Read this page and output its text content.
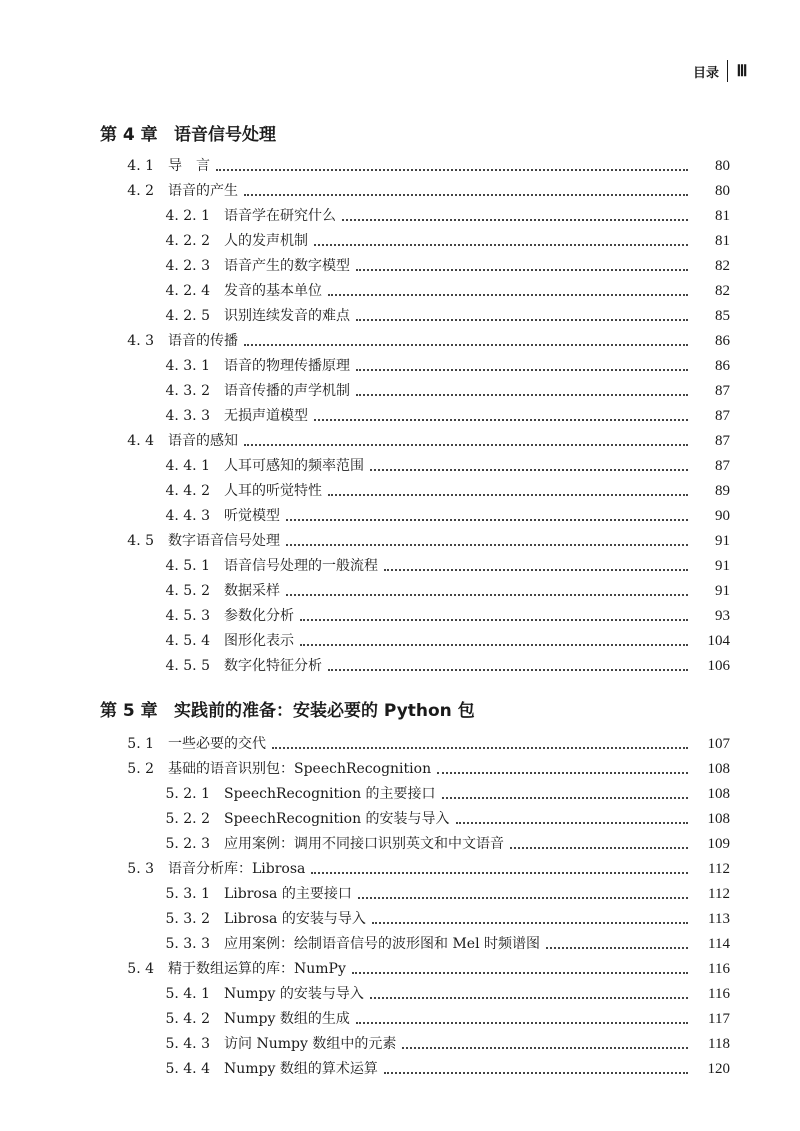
目录 Ⅲ
第 4 章 语音信号处理
4. 1 导　言	80
4. 2 语音的产生	80
4. 2. 1 语音学在研究什么	81
4. 2. 2 人的发声机制	81
4. 2. 3 语音产生的数字模型	82
4. 2. 4 发音的基本单位	82
4. 2. 5 识别连续发音的难点	85
4. 3 语音的传播	86
4. 3. 1 语音的物理传播原理	86
4. 3. 2 语音传播的声学机制	87
4. 3. 3 无损声道模型	87
4. 4 语音的感知	87
4. 4. 1 人耳可感知的频率范围	87
4. 4. 2 人耳的听觉特性	89
4. 4. 3 听觉模型	90
4. 5 数字语音信号处理	91
4. 5. 1 语音信号处理的一般流程	91
4. 5. 2 数据采样	91
4. 5. 3 参数化分析	93
4. 5. 4 图形化表示	104
4. 5. 5 数字化特征分析	106
第 5 章 实践前的准备：安装必要的 Python 包
5. 1 一些必要的交代	107
5. 2 基础的语音识别包：SpeechRecognition	108
5. 2. 1 SpeechRecognition 的主要接口	108
5. 2. 2 SpeechRecognition 的安装与导入	108
5. 2. 3 应用案例：调用不同接口识别英文和中文语音	109
5. 3 语音分析库：Librosa	112
5. 3. 1 Librosa 的主要接口	112
5. 3. 2 Librosa 的安装与导入	113
5. 3. 3 应用案例：绘制语音信号的波形图和 Mel 时频谱图	114
5. 4 精于数组运算的库：NumPy	116
5. 4. 1 Numpy 的安装与导入	116
5. 4. 2 Numpy 数组的生成	117
5. 4. 3 访问 Numpy 数组中的元素	118
5. 4. 4 Numpy 数组的算术运算	120
